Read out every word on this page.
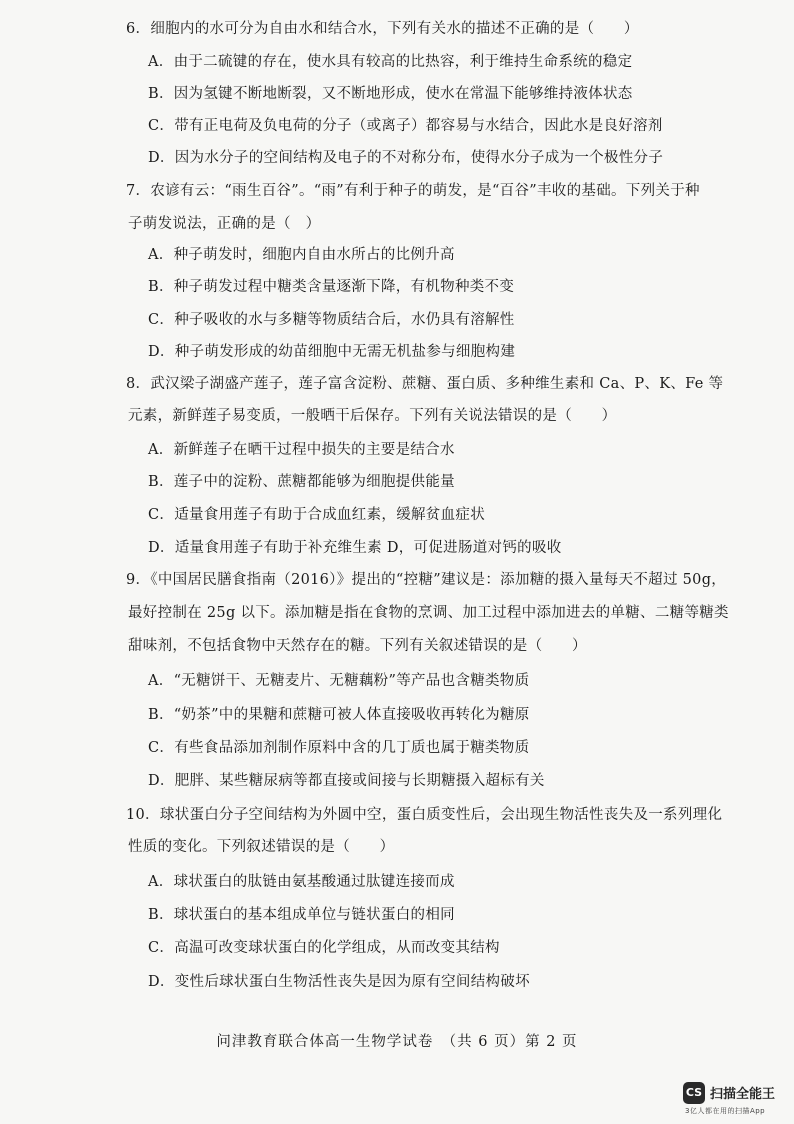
6．细胞内的水可分为自由水和结合水，下列有关水的描述不正确的是（　　）
A．由于二硫键的存在，使水具有较高的比热容，利于维持生命系统的稳定
B．因为氢键不断地断裂，又不断地形成，使水在常温下能够维持液体状态
C．带有正电荷及负电荷的分子（或离子）都容易与水结合，因此水是良好溶剂
D．因为水分子的空间结构及电子的不对称分布，使得水分子成为一个极性分子
7．农谚有云：“雨生百谷”。“雨”有利于种子的萌发，是“百谷”丰收的基础。下列关于种
子萌发说法，正确的是（　）
A．种子萌发时，细胞内自由水所占的比例升高
B．种子萌发过程中糖类含量逐渐下降，有机物种类不变
C．种子吸收的水与多糖等物质结合后，水仍具有溶解性
D．种子萌发形成的幼苗细胞中无需无机盐参与细胞构建
8．武汉梁子湖盛产莲子，莲子富含淀粉、蔗糖、蛋白质、多种维生素和 Ca、P、K、Fe 等
元素，新鲜莲子易变质，一般晒干后保存。下列有关说法错误的是（　　）
A．新鲜莲子在晒干过程中损失的主要是结合水
B．莲子中的淀粉、蔗糖都能够为细胞提供能量
C．适量食用莲子有助于合成血红素，缓解贫血症状
D．适量食用莲子有助于补充维生素 D，可促进肠道对钙的吸收
9．《中国居民膳食指南（2016）》提出的“控糖”建议是：添加糖的摄入量每天不超过 50g，
最好控制在 25g 以下。添加糖是指在食物的烹调、加工过程中添加进去的单糖、二糖等糖类
甜味剂，不包括食物中天然存在的糖。下列有关叙述错误的是（　　）
A．“无糖饼干、无糖麦片、无糖藕粉”等产品也含糖类物质
B．“奶茶”中的果糖和蔗糖可被人体直接吸收再转化为糖原
C．有些食品添加剂制作原料中含的几丁质也属于糖类物质
D．肥胖、某些糖尿病等都直接或间接与长期糖摄入超标有关
10．球状蛋白分子空间结构为外圆中空，蛋白质变性后，会出现生物活性丧失及一系列理化
性质的变化。下列叙述错误的是（　　）
A．球状蛋白的肽链由氨基酸通过肽键连接而成
B．球状蛋白的基本组成单位与链状蛋白的相同
C．高温可改变球状蛋白的化学组成，从而改变其结构
D．变性后球状蛋白生物活性丧失是因为原有空间结构破坏
问津教育联合体高一生物学试卷　（共 6 页）第 2 页
CS 扫描全能王
3亿人都在用的扫描App
